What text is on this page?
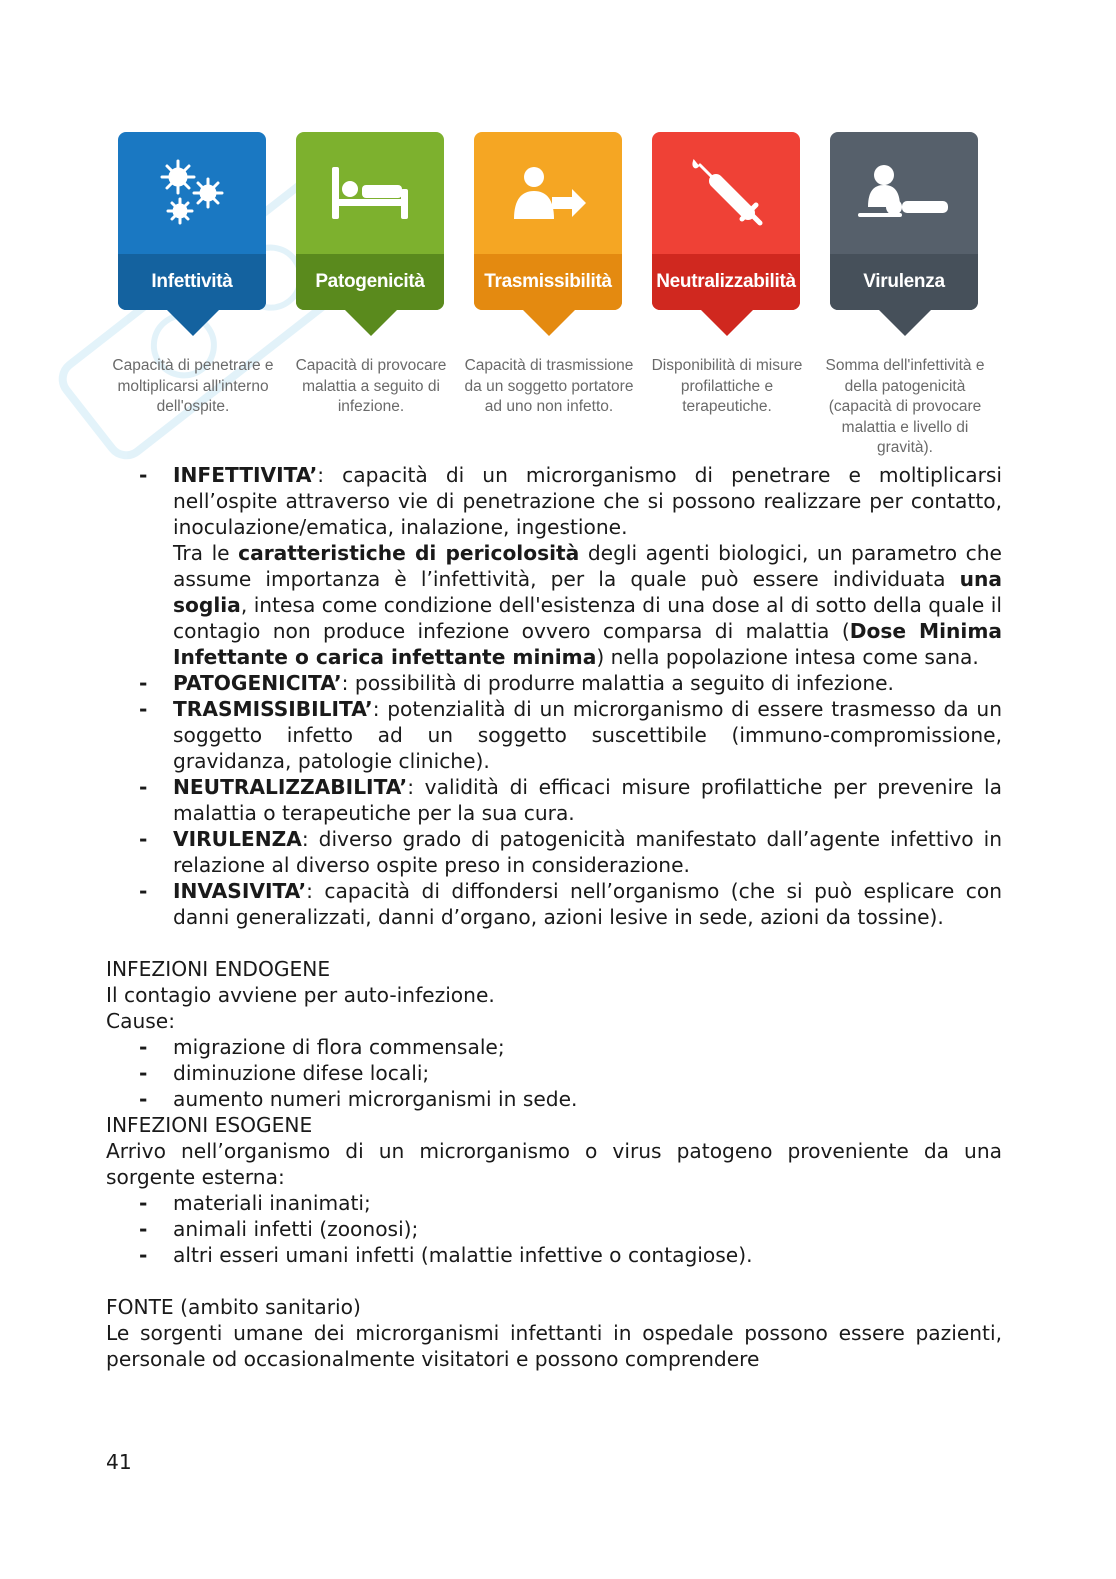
Infettività
Capacità di penetrare e moltiplicarsi all'interno dell'ospite.
Patogenicità
Capacità di provocare malattia a seguito di infezione.
Trasmissibilità
Capacità di trasmissione da un soggetto portatore ad uno non infetto.
Neutralizzabilità
Disponibilità di misure profilattiche e terapeutiche.
Virulenza
Somma dell'infettività e della patogenicità (capacità di provocare malattia e livello di gravità).
- INFETTIVITA’: capacità di un microrganismo di penetrare e moltiplicarsi nell’ospite attraverso vie di penetrazione che si possono realizzare per contatto, inoculazione/ematica, inalazione, ingestione.

Tra le caratteristiche di pericolosità degli agenti biologici, un parametro che assume importanza è l’infettività, per la quale può essere individuata una soglia, intesa come condizione dell'esistenza di una dose al di sotto della quale il contagio non produce infezione ovvero comparsa di malattia (Dose Minima Infettante o carica infettante minima) nella popolazione intesa come sana.

- PATOGENICITA’: possibilità di produrre malattia a seguito di infezione.

- TRASMISSIBILITA’: potenzialità di un microrganismo di essere trasmesso da un soggetto infetto ad un soggetto suscettibile (immuno-compromissione, gravidanza, patologie cliniche).

- NEUTRALIZZABILITA’: validità di efficaci misure profilattiche per prevenire la malattia o terapeutiche per la sua cura.

- VIRULENZA: diverso grado di patogenicità manifestato dall’agente infettivo in relazione al diverso ospite preso in considerazione.

- INVASIVITA’: capacità di diffondersi nell’organismo (che si può esplicare con danni generalizzati, danni d’organo, azioni lesive in sede, azioni da tossine).

INFEZIONI ENDOGENE

Il contagio avviene per auto-infezione.

Cause:

- migrazione di flora commensale;

- diminuzione difese locali;

- aumento numeri microrganismi in sede.

INFEZIONI ESOGENE

Arrivo nell’organismo di un microrganismo o virus patogeno proveniente da una sorgente esterna:

- materiali inanimati;

- animali infetti (zoonosi);

- altri esseri umani infetti (malattie infettive o contagiose).

FONTE (ambito sanitario)

Le sorgenti umane dei microrganismi infettanti in ospedale possono essere pazienti, personale od occasionalmente visitatori e possono comprendere

41
